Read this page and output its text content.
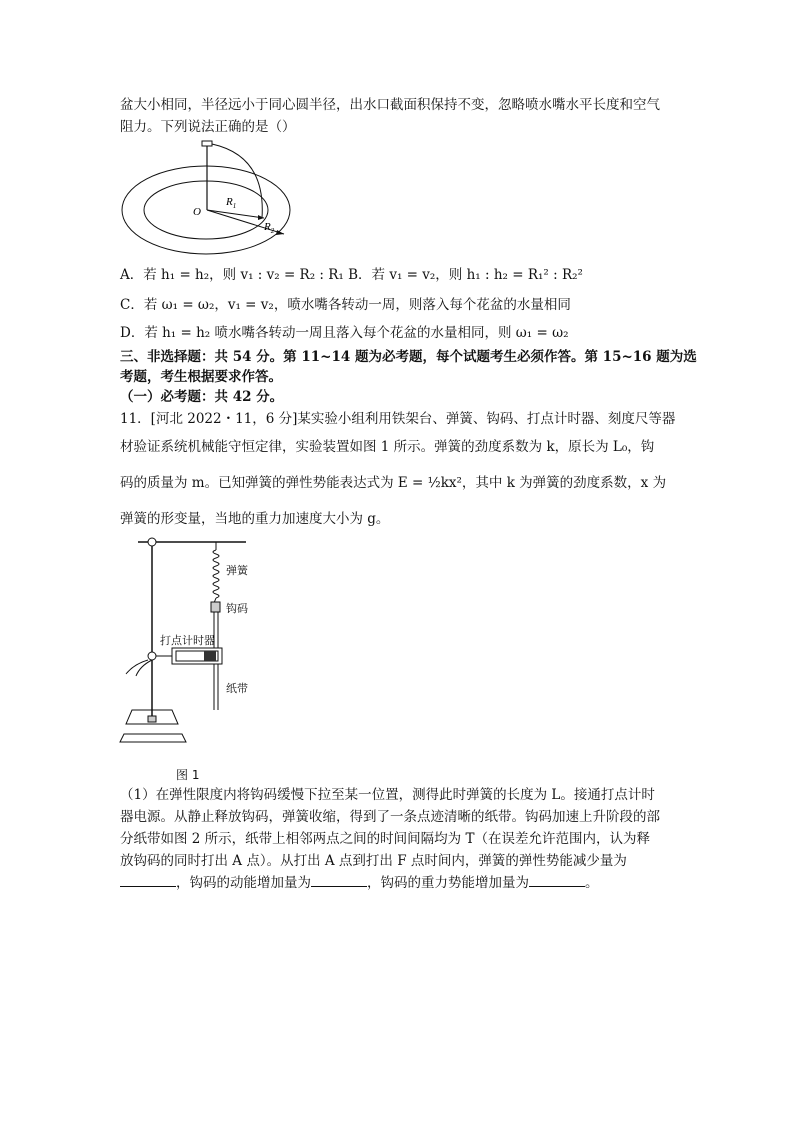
盆大小相同，半径远小于同心圆半径，出水口截面积保持不变，忽略喷水嘴水平长度和空气
阻力。下列说法正确的是（）
O
$R_1$
$R_2$
A．若 h₁ = h₂，则 v₁ : v₂ = R₂ : R₁ B．若 v₁ = v₂，则 h₁ : h₂ = R₁² : R₂²
C．若 ω₁ = ω₂，v₁ = v₂，喷水嘴各转动一周，则落入每个花盆的水量相同
D．若 h₁ = h₂ 喷水嘴各转动一周且落入每个花盆的水量相同，则 ω₁ = ω₂
三、非选择题：共 54 分。第 11~14 题为必考题，每个试题考生必须作答。第 15~16 题为选
考题，考生根据要求作答。
（一）必考题：共 42 分。
11．[河北 2022・11，6 分]某实验小组利用铁架台、弹簧、钩码、打点计时器、刻度尺等器
材验证系统机械能守恒定律，实验装置如图 1 所示。弹簧的劲度系数为 k，原长为 L₀，钩
码的质量为 m。已知弹簧的弹性势能表达式为 E = ½kx²，其中 k 为弹簧的劲度系数，x 为
弹簧的形变量，当地的重力加速度大小为 g。
弹簧
钩码
打点计时器
纸带
图 1
（1）在弹性限度内将钩码缓慢下拉至某一位置，测得此时弹簧的长度为 L。接通打点计时
器电源。从静止释放钩码，弹簧收缩，得到了一条点迹清晰的纸带。钩码加速上升阶段的部
分纸带如图 2 所示，纸带上相邻两点之间的时间间隔均为 T（在误差允许范围内，认为释
放钩码的同时打出 A 点）。从打出 A 点到打出 F 点时间内，弹簧的弹性势能减少量为
，钩码的动能增加量为	，钩码的重力势能增加量为	。
